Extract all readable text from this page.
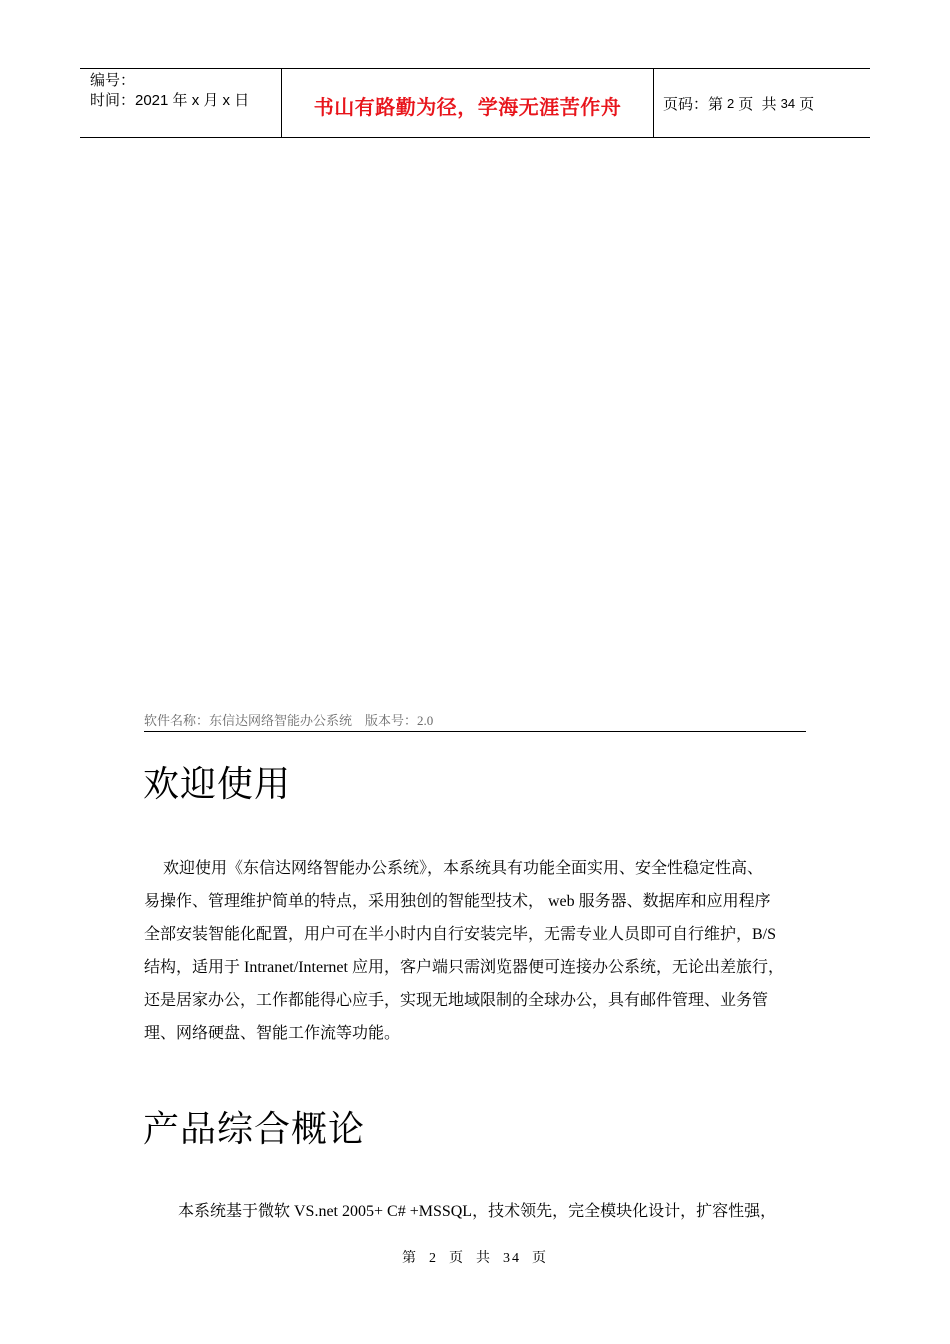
编号：
时间：2021 年 x 月 x 日	书山有路勤为径，学海无涯苦作舟	页码：第 2 页  共 34 页
软件名称：东信达网络智能办公系统    版本号：2.0
欢迎使用
欢迎使用《东信达网络智能办公系统》，本系统具有功能全面实用、安全性稳定性高、
易操作、管理维护简单的特点，采用独创的智能型技术， web 服务器、数据库和应用程序
全部安装智能化配置，用户可在半小时内自行安装完毕，无需专业人员即可自行维护，B/S
结构，适用于 Intranet/Internet 应用，客户端只需浏览器便可连接办公系统，无论出差旅行，
还是居家办公，工作都能得心应手，实现无地域限制的全球办公，具有邮件管理、业务管
理、网络硬盘、智能工作流等功能。
产品综合概论
本系统基于微软 VS.net 2005+ C# +MSSQL，技术领先，完全模块化设计，扩容性强，
第  2  页  共  34  页
